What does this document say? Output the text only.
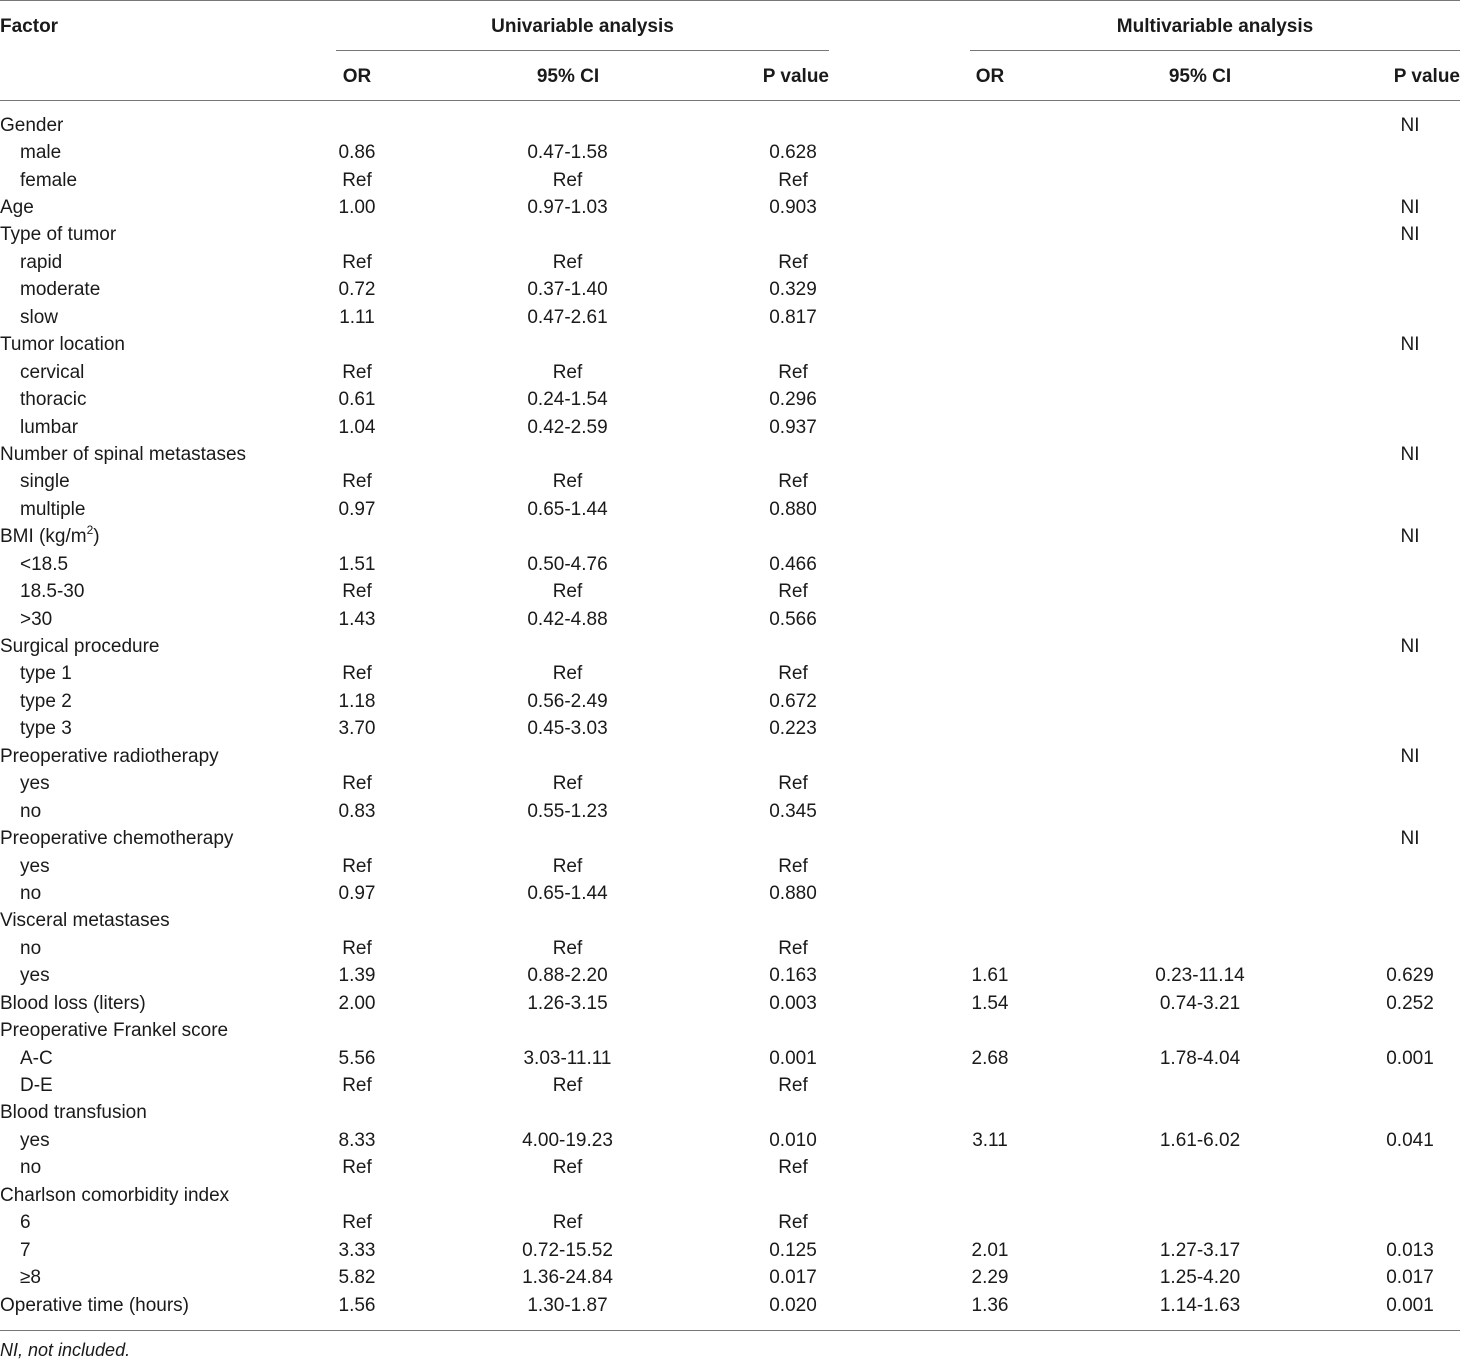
Factor	Univariable analysis	Multivariable analysis
OR	95% CI	P value	OR	95% CI	P value
Gender							NI
male	0.86	0.47-1.58	0.628				
female	Ref	Ref	Ref				
Age	1.00	0.97-1.03	0.903				NI
Type of tumor							NI
rapid	Ref	Ref	Ref				
moderate	0.72	0.37-1.40	0.329				
slow	1.11	0.47-2.61	0.817				
Tumor location							NI
cervical	Ref	Ref	Ref				
thoracic	0.61	0.24-1.54	0.296				
lumbar	1.04	0.42-2.59	0.937				
Number of spinal metastases							NI
single	Ref	Ref	Ref				
multiple	0.97	0.65-1.44	0.880				
BMI $(kg/m^2)$							NI
<18.5	1.51	0.50-4.76	0.466				
18.5-30	Ref	Ref	Ref				
>30	1.43	0.42-4.88	0.566				
Surgical procedure							NI
type 1	Ref	Ref	Ref				
type 2	1.18	0.56-2.49	0.672				
type 3	3.70	0.45-3.03	0.223				
Preoperative radiotherapy							NI
yes	Ref	Ref	Ref				
no	0.83	0.55-1.23	0.345				
Preoperative chemotherapy							NI
yes	Ref	Ref	Ref				
no	0.97	0.65-1.44	0.880				
Visceral metastases							
no	Ref	Ref	Ref				
yes	1.39	0.88-2.20	0.163		1.61	0.23-11.14	0.629
Blood loss (liters)	2.00	1.26-3.15	0.003		1.54	0.74-3.21	0.252
Preoperative Frankel score							
A-C	5.56	3.03-11.11	0.001		2.68	1.78-4.04	0.001
D-E	Ref	Ref	Ref				
Blood transfusion							
yes	8.33	4.00-19.23	0.010		3.11	1.61-6.02	0.041
no	Ref	Ref	Ref				
Charlson comorbidity index							
6	Ref	Ref	Ref				
7	3.33	0.72-15.52	0.125		2.01	1.27-3.17	0.013
≥8	5.82	1.36-24.84	0.017		2.29	1.25-4.20	0.017
Operative time (hours)	1.56	1.30-1.87	0.020		1.36	1.14-1.63	0.001
NI, not included.
